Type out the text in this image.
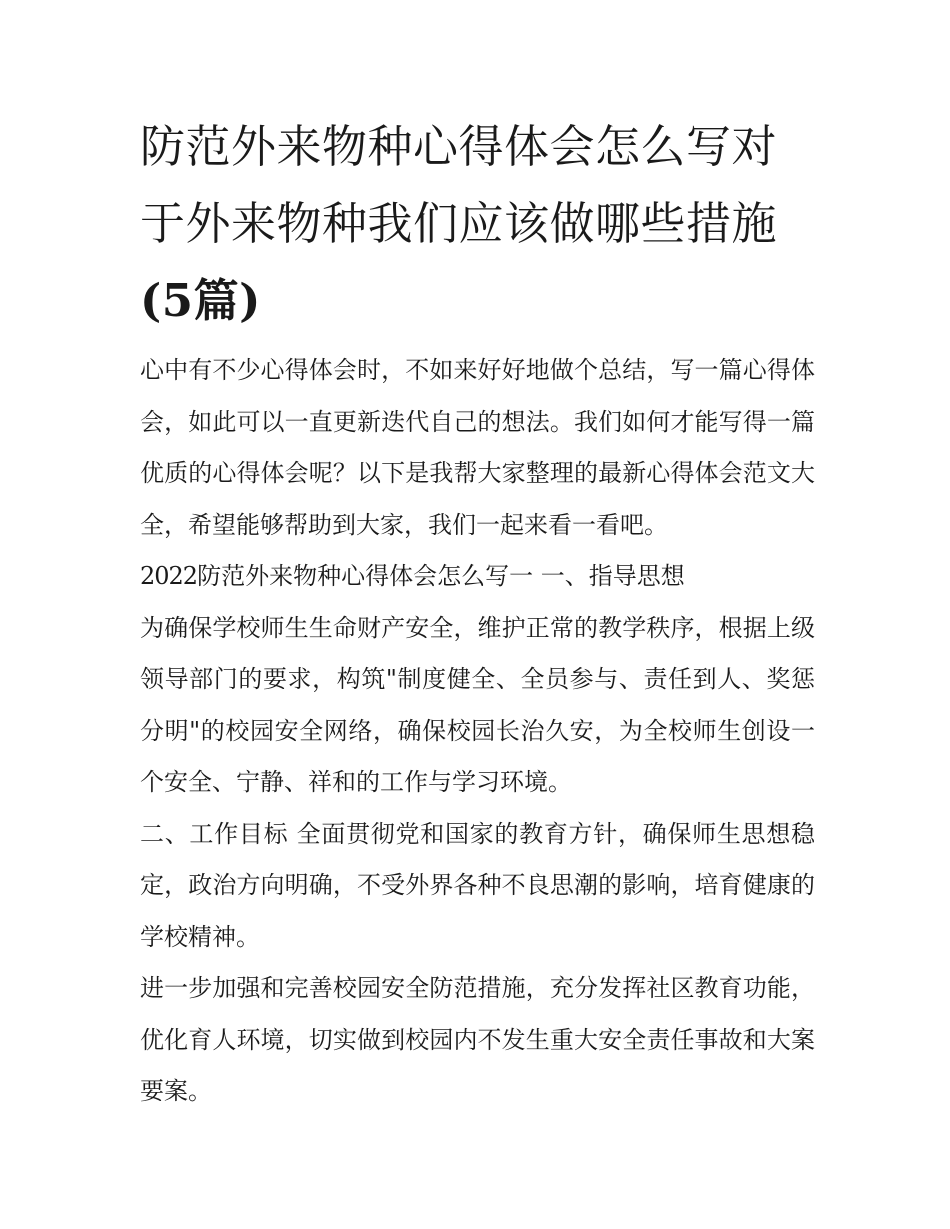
防范外来物种心得体会怎么写对于外来物种我们应该做哪些措施(5篇)

心中有不少心得体会时，不如来好好地做个总结，写一篇心得体会，如此可以一直更新迭代自己的想法。我们如何才能写得一篇优质的心得体会呢？以下是我帮大家整理的最新心得体会范文大全，希望能够帮助到大家，我们一起来看一看吧。

2022防范外来物种心得体会怎么写一 一、指导思想

为确保学校师生生命财产安全，维护正常的教学秩序，根据上级领导部门的要求，构筑"制度健全、全员参与、责任到人、奖惩分明"的校园安全网络，确保校园长治久安，为全校师生创设一个安全、宁静、祥和的工作与学习环境。

二、工作目标 全面贯彻党和国家的教育方针，确保师生思想稳定，政治方向明确，不受外界各种不良思潮的影响，培育健康的学校精神。

进一步加强和完善校园安全防范措施，充分发挥社区教育功能，优化育人环境，切实做到校园内不发生重大安全责任事故和大案要案。
